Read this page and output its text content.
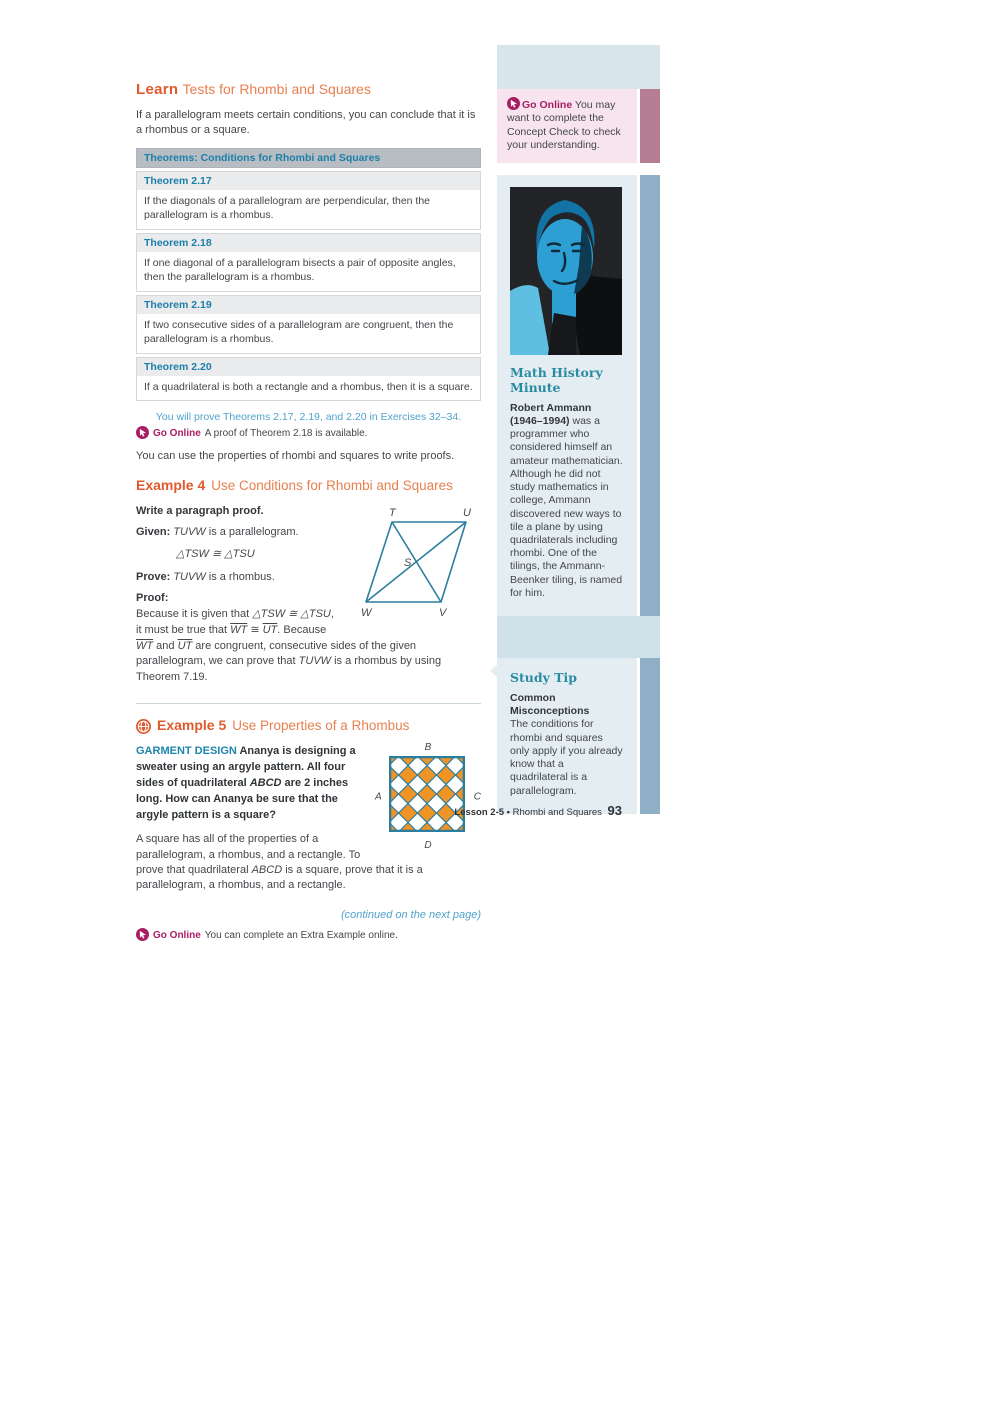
Learn Tests for Rhombi and Squares

If a parallelogram meets certain conditions, you can conclude that it is a rhombus or a square.

Theorems: Conditions for Rhombi and Squares
Theorem 2.17
If the diagonals of a parallelogram are perpendicular, then the parallelogram is a rhombus.
Theorem 2.18
If one diagonal of a parallelogram bisects a pair of opposite angles, then the parallelogram is a rhombus.
Theorem 2.19
If two consecutive sides of a parallelogram are congruent, then the parallelogram is a rhombus.
Theorem 2.20
If a quadrilateral is both a rectangle and a rhombus, then it is a square.

You will prove Theorems 2.17, 2.19, and 2.20 in Exercises 32–34.

Go Online A proof of Theorem 2.18 is available.

You can use the properties of rhombi and squares to write proofs.

Example 4 Use Conditions for Rhombi and Squares
T	U
V
W
S

Write a paragraph proof.

Given: TUVW is a parallelogram.

△TSW ≅ △TSU

Prove: TUVW is a rhombus.

Proof:

Because it is given that △TSW ≅ △TSU, it must be true that $\overline{WT}$ ≅ $\overline{UT}$. Because $\overline{WT}$ and $\overline{UT}$ are congruent, consecutive sides of the given parallelogram, we can prove that TUVW is a rhombus by using Theorem 7.19.

Example 5 Use Properties of a Rhombus
B
A	C
D

GARMENT DESIGN Ananya is designing a sweater using an argyle pattern. All four sides of quadrilateral ABCD are 2 inches long. How can Ananya be sure that the argyle pattern is a square?

A square has all of the properties of a parallelogram, a rhombus, and a rectangle. To prove that quadrilateral ABCD is a square, prove that it is a parallelogram, a rhombus, and a rectangle.

(continued on the next page)

Go Online You can complete an Extra Example online.

Go Online You may want to complete the Concept Check to check your understanding.
Math History Minute

Robert Ammann (1946–1994) was a programmer who considered himself an amateur mathematician. Although he did not study mathematics in college, Ammann discovered new ways to tile a plane by using quadrilaterals including rhombi. One of the tilings, the Ammann-Beenker tiling, is named for him.

Study Tip

Common Misconceptions
The conditions for rhombi and squares only apply if you already know that a quadrilateral is a parallelogram.

Lesson 2-5 • Rhombi and Squares 93
